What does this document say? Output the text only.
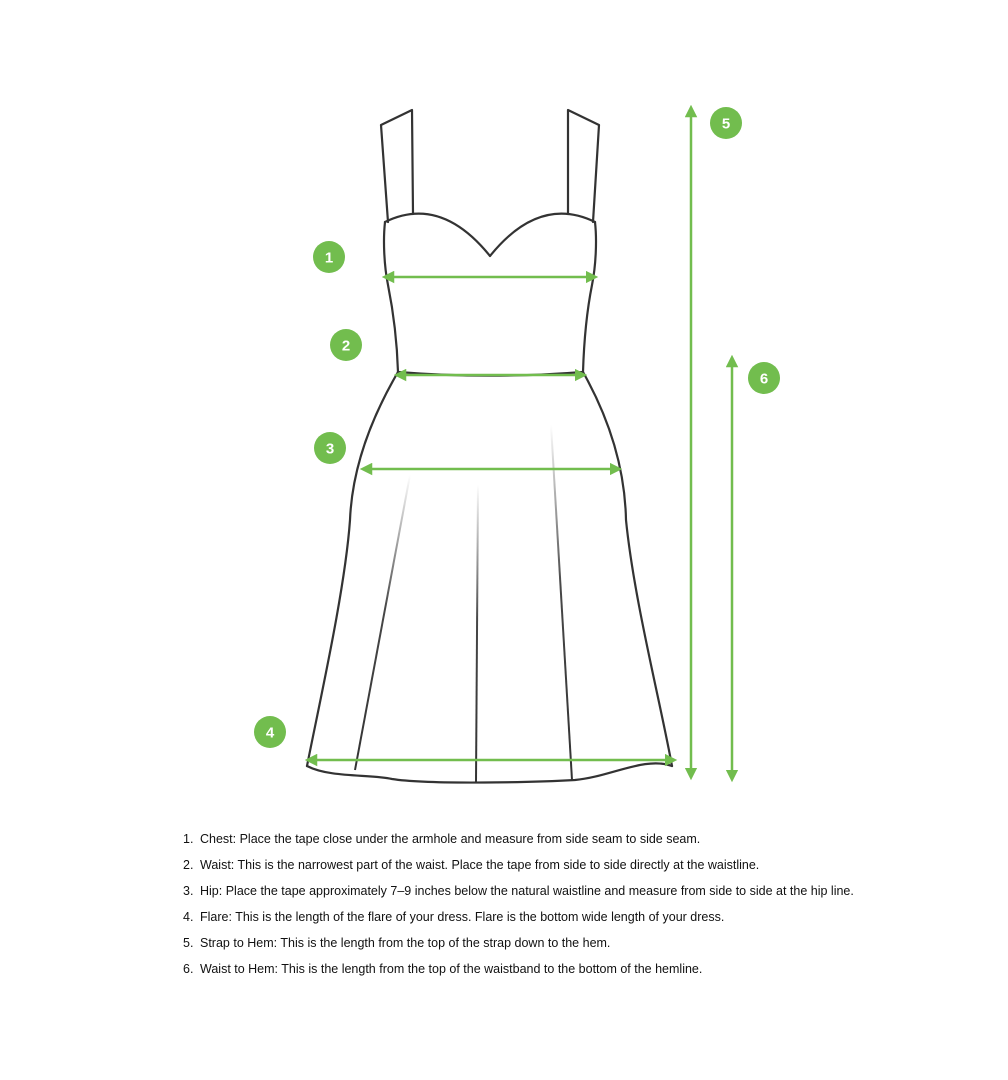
1
2
3
4
5
6
1. Chest: Place the tape close under the armhole and measure from side seam to side seam.
2. Waist: This is the narrowest part of the waist. Place the tape from side to side directly at the waistline.
3. Hip: Place the tape approximately 7–9 inches below the natural waistline and measure from side to side at the hip line.
4. Flare: This is the length of the flare of your dress. Flare is the bottom wide length of your dress.
5. Strap to Hem: This is the length from the top of the strap down to the hem.
6. Waist to Hem: This is the length from the top of the waistband to the bottom of the hemline.
